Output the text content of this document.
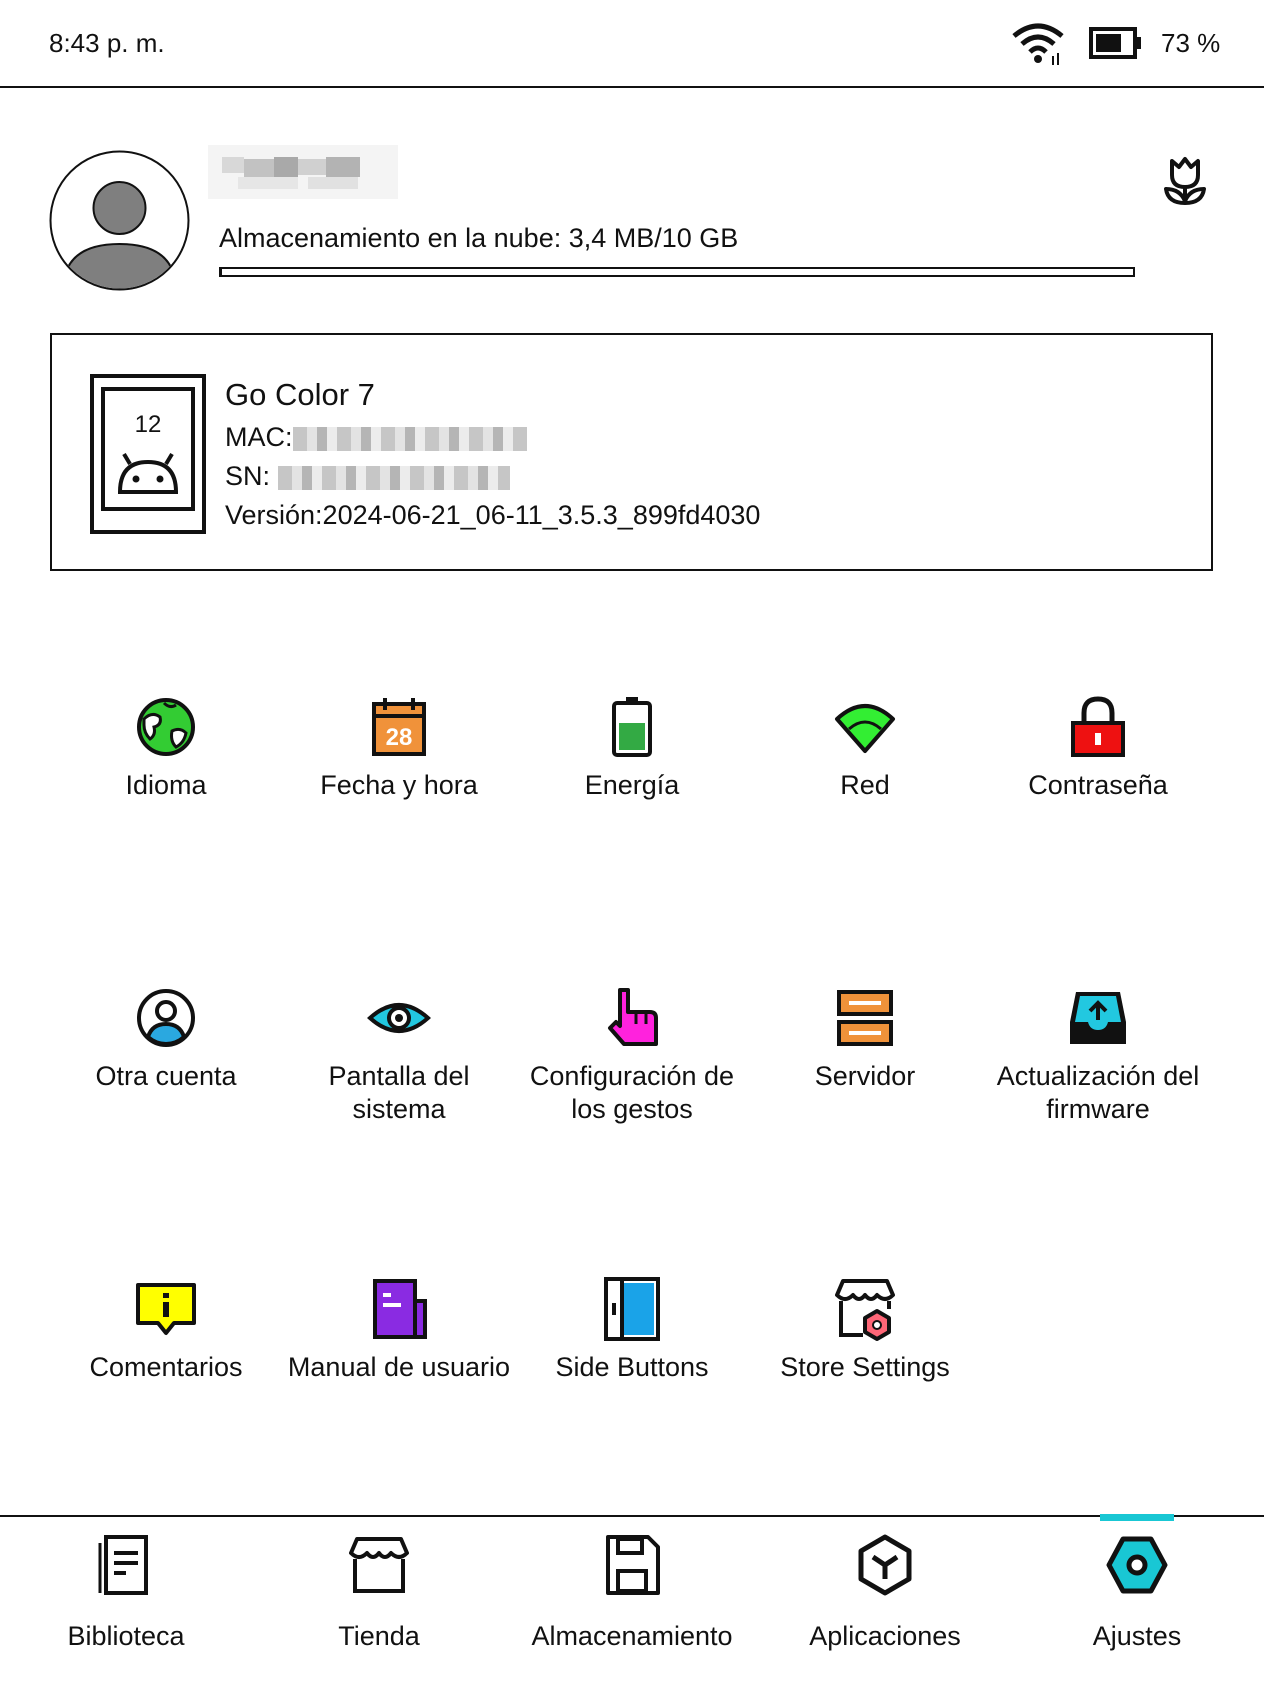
8:43 p. m.	73 %
Almacenamiento en la nube: 3,4 MB/10 GB
12
Go Color 7
MAC:
SN:
Versión:2024-06-21_06-11_3.5.3_899fd4030
Idioma
28
Fecha y hora	Energía	Red	Contraseña
Otra cuenta	Pantalla del
sistema
Configuración de
los gestos
Servidor	Actualización del
firmware
Comentarios	Manual de usuario	Side Buttons	Store Settings
Biblioteca	Tienda	Almacenamiento	Aplicaciones	Ajustes
